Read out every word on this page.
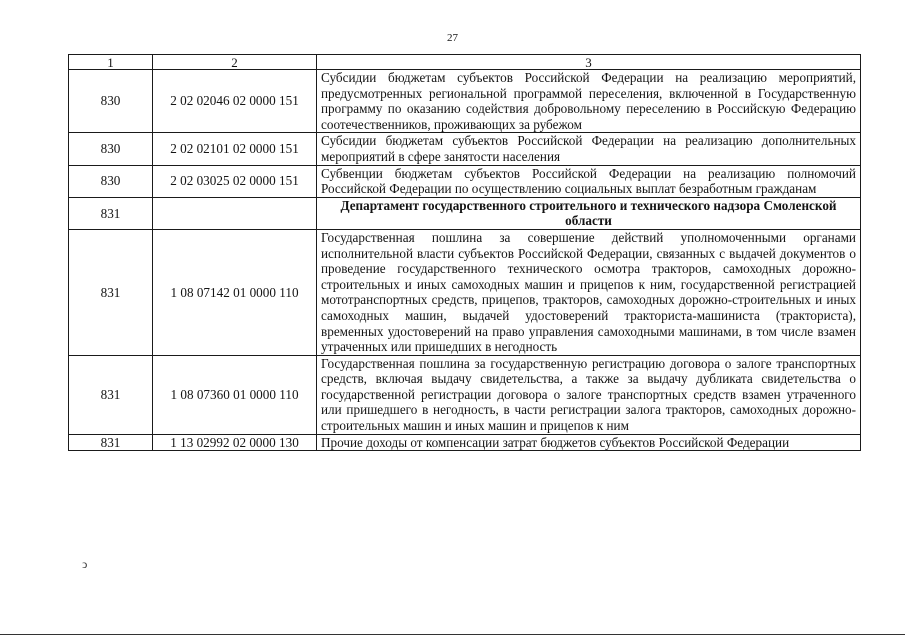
27
1	2	3
830	2 02 02046 02 0000 151	Субсидии бюджетам субъектов Российской Федерации на реализацию мероприятий, предусмотренных региональной программой переселения, включенной в Государственную программу по оказанию содействия добровольному переселению в Российскую Федерацию соотечественников, проживающих за рубежом
830	2 02 02101 02 0000 151	Субсидии бюджетам субъектов Российской Федерации на реализацию дополнительных мероприятий в сфере занятости населения
830	2 02 03025 02 0000 151	Субвенции бюджетам субъектов Российской Федерации на реализацию полномочий Российской Федерации по осуществлению социальных выплат безработным гражданам
831		Департамент государственного строительного и технического надзора Смоленской области
831	1 08 07142 01 0000 110	Государственная пошлина за совершение действий уполномоченными органами исполнительной власти субъектов Российской Федерации, связанных с выдачей документов о проведение государственного технического осмотра тракторов, самоходных дорожно-строительных и иных самоходных машин и прицепов к ним, государственной регистрацией мототранспортных средств, прицепов, тракторов, самоходных дорожно-строительных и иных самоходных машин, выдачей удостоверений тракториста-машиниста (тракториста), временных удостоверений на право управления самоходными машинами, в том числе взамен утраченных или пришедших в негодность
831	1 08 07360 01 0000 110	Государственная пошлина за государственную регистрацию договора о залоге транспортных средств, включая выдачу свидетельства, а также за выдачу дубликата свидетельства о государственной регистрации договора о залоге транспортных средств взамен утраченного или пришедшего в негодность, в части регистрации залога тракторов, самоходных дорожно-строительных машин и иных машин и прицепов к ним
831	1 13 02992 02 0000 130	Прочие доходы от компенсации затрат бюджетов субъектов Российской Федерации
ↄ
